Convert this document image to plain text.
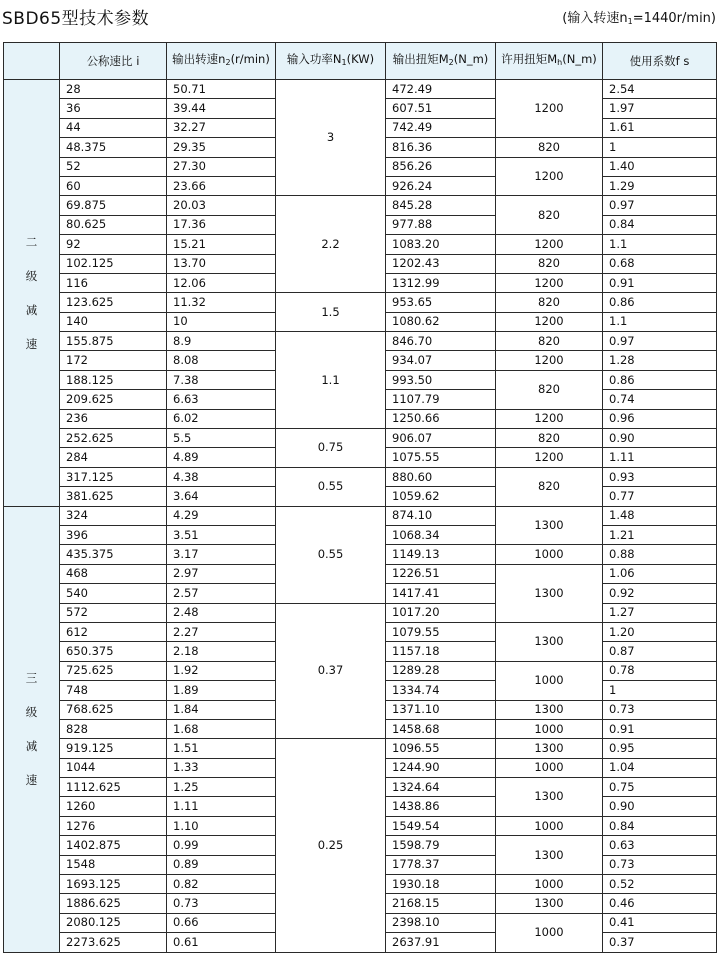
SBD65型技术参数	(输入转速$n_1=1440r/\min$)
	公称速比 i	输出转速$n_2(r/\min)$	输入功率$N_1(KW)$	输出扭矩$M_2(N\_m)$	许用扭矩$M_h(N\_m)$	使用系数f s

二
级
减
速	28	50.71	3	472.49	1200	2.54
	36	39.44		607.51		1.97
	44	32.27		742.49		1.61
	48.375	29.35		816.36	820	1
	52	27.30		856.26	1200	1.40
	60	23.66		926.24		1.29
	69.875	20.03	2.2	845.28	820	0.97
	80.625	17.36		977.88		0.84
	92	15.21		1083.20	1200	1.1
	102.125	13.70		1202.43	820	0.68
	116	12.06		1312.99	1200	0.91
	123.625	11.32	1.5	953.65	820	0.86
	140	10		1080.62	1200	1.1
	155.875	8.9	1.1	846.70	820	0.97
	172	8.08		934.07	1200	1.28
	188.125	7.38		993.50	820	0.86
	209.625	6.63		1107.79		0.74
	236	6.02		1250.66	1200	0.96
	252.625	5.5	0.75	906.07	820	0.90
	284	4.89		1075.55	1200	1.11
	317.125	4.38	0.55	880.60	820	0.93
	381.625	3.64		1059.62		0.77

三
级
减
速	324	4.29	0.55	874.10	1300	1.48
	396	3.51		1068.34		1.21
	435.375	3.17		1149.13	1000	0.88
	468	2.97		1226.51	1300	1.06
	540	2.57		1417.41		0.92
	572	2.48	0.37	1017.20		1.27
	612	2.27		1079.55	1300	1.20
	650.375	2.18		1157.18		0.87
	725.625	1.92		1289.28	1000	0.78
	748	1.89		1334.74		1
	768.625	1.84		1371.10	1300	0.73
	828	1.68		1458.68	1000	0.91
	919.125	1.51	0.25	1096.55	1300	0.95
	1044	1.33		1244.90	1000	1.04
	1112.625	1.25		1324.64	1300	0.75
	1260	1.11		1438.86		0.90
	1276	1.10		1549.54	1000	0.84
	1402.875	0.99		1598.79	1300	0.63
	1548	0.89		1778.37		0.73
	1693.125	0.82		1930.18	1000	0.52
	1886.625	0.73		2168.15	1300	0.46
	2080.125	0.66		2398.10	1000	0.41
	2273.625	0.61		2637.91		0.37
